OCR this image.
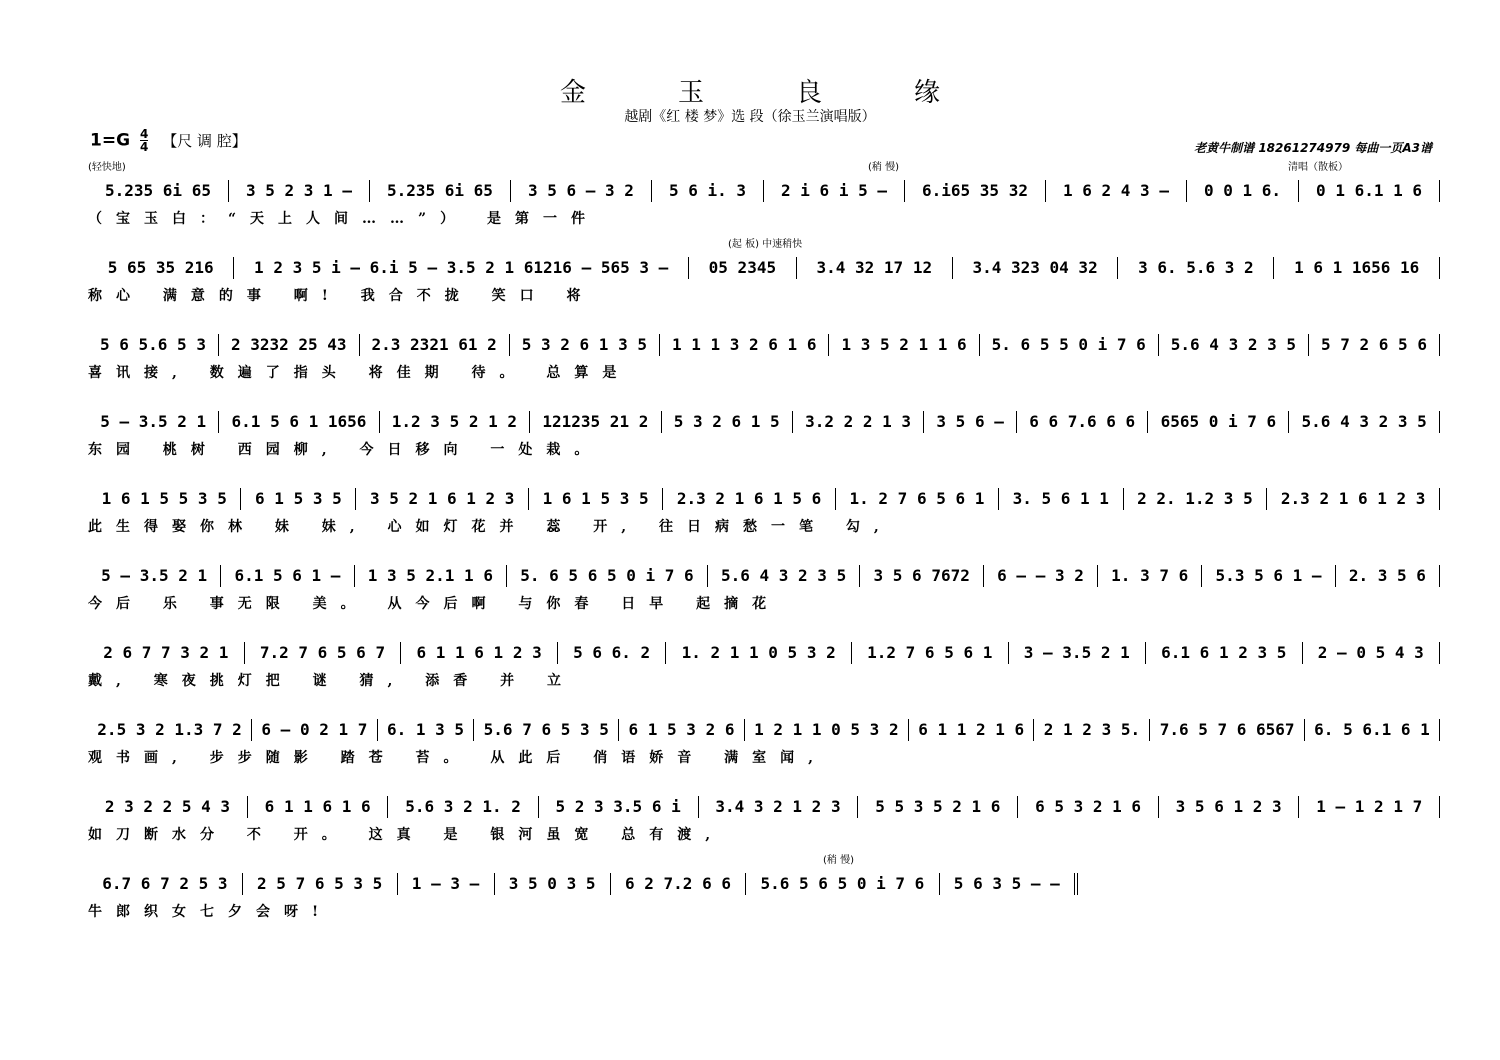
金玉良缘
越剧《红 楼 梦》选 段（徐玉兰演唱版）
$1=G \frac{4}{4}$ 【尺 调 腔】	老黄牛制谱 18261274979 每曲一页A3谱
(轻快地)	(稍 慢)	清唱（散板）
5.235 6i 65	3 5 2 3 1 –	5.235 6i 65	3 5 6 – 3 2	5 6 i. 3	2 i 6 i 5 –	6.i65 35 32	1 6 2 4 3 –	0 0 1 6.	0 1 6.1 1 6
（宝玉白：“天上人间……”） 是第一件
(起 板) 中速稍快
5 65 35 216	1 2 3 5 i – 6.i 5 – 3.5 2 1 61216 – 565 3 –	05 2345	3.4 32 17 12	3.4 323 04 32	3 6. 5.6 3 2	1 6 1 1656 16
称心 满意的事 啊! 我合不拢 笑口 将
5 6 5.6 5 3	2 3232 25 43	2.3 2321 61 2	5 3 2 6 1 3 5	1 1 1 3 2 6 1 6	1 3 5 2 1 1 6	5. 6 5 5 0 i 7 6	5.6 4 3 2 3 5	5 7 2 6 5 6
喜讯接, 数遍了指头 将佳期 待。 总算是
5 – 3.5 2 1	6.1 5 6 1 1656	1.2 3 5 2 1 2	121235 21 2	5 3 2 6 1 5	3.2 2 2 1 3	3 5 6 –	6 6 7.6 6 6	6565 0 i 7 6	5.6 4 3 2 3 5
东园 桃树 西园柳, 今日移向 一处栽。
1 6 1 5 5 3 5	6 1 5 3 5	3 5 2 1 6 1 2 3	1 6 1 5 3 5	2.3 2 1 6 1 5 6	1. 2 7 6 5 6 1	3. 5 6 1 1	2 2. 1.2 3 5	2.3 2 1 6 1 2 3
此生得娶你林 妹 妹, 心如灯花并 蕊 开, 往日病愁一笔 勾,
5 – 3.5 2 1	6.1 5 6 1 –	1 3 5 2.1 1 6	5. 6 5 6 5 0 i 7 6	5.6 4 3 2 3 5	3 5 6 7672	6 – – 3 2	1. 3 7 6	5.3 5 6 1 –	2. 3 5 6
今后 乐 事无限 美。 从今后啊 与你春 日早 起摘花
2 6 7 7 3 2 1	7.2 7 6 5 6 7	6 1 1 6 1 2 3	5 6 6. 2	1. 2 1 1 0 5 3 2	1.2 7 6 5 6 1	3 – 3.5 2 1	6.1 6 1 2 3 5	2 – 0 5 4 3
戴, 寒夜挑灯把 谜 猜, 添香 并 立
2.5 3 2 1.3 7 2	6 – 0 2 1 7	6. 1 3 5	5.6 7 6 5 3 5	6 1 5 3 2 6	1 2 1 1 0 5 3 2	6 1 1 2 1 6	2 1 2 3 5.	7.6 5 7 6 6567	6. 5 6.1 6 1
观书画, 步步随影 踏苍 苔。 从此后 俏语娇音 满室闻,
2 3 2 2 5 4 3	6 1 1 6 1 6	5.6 3 2 1. 2	5 2 3 3.5 6 i	3.4 3 2 1 2 3	5 5 3 5 2 1 6	6 5 3 2 1 6	3 5 6 1 2 3	1 – 1 2 1 7
如刀断水分 不 开。 这真 是 银河虽宽 总有渡,
(稍 慢)
6.7 6 7 2 5 3	2 5 7 6 5 3 5	1 – 3 –	3 5 0 3 5	6 2 7.2 6 6	5.6 5 6 5 0 i 7 6	5 6 3 5 – –
牛郎织女七夕会呀!
